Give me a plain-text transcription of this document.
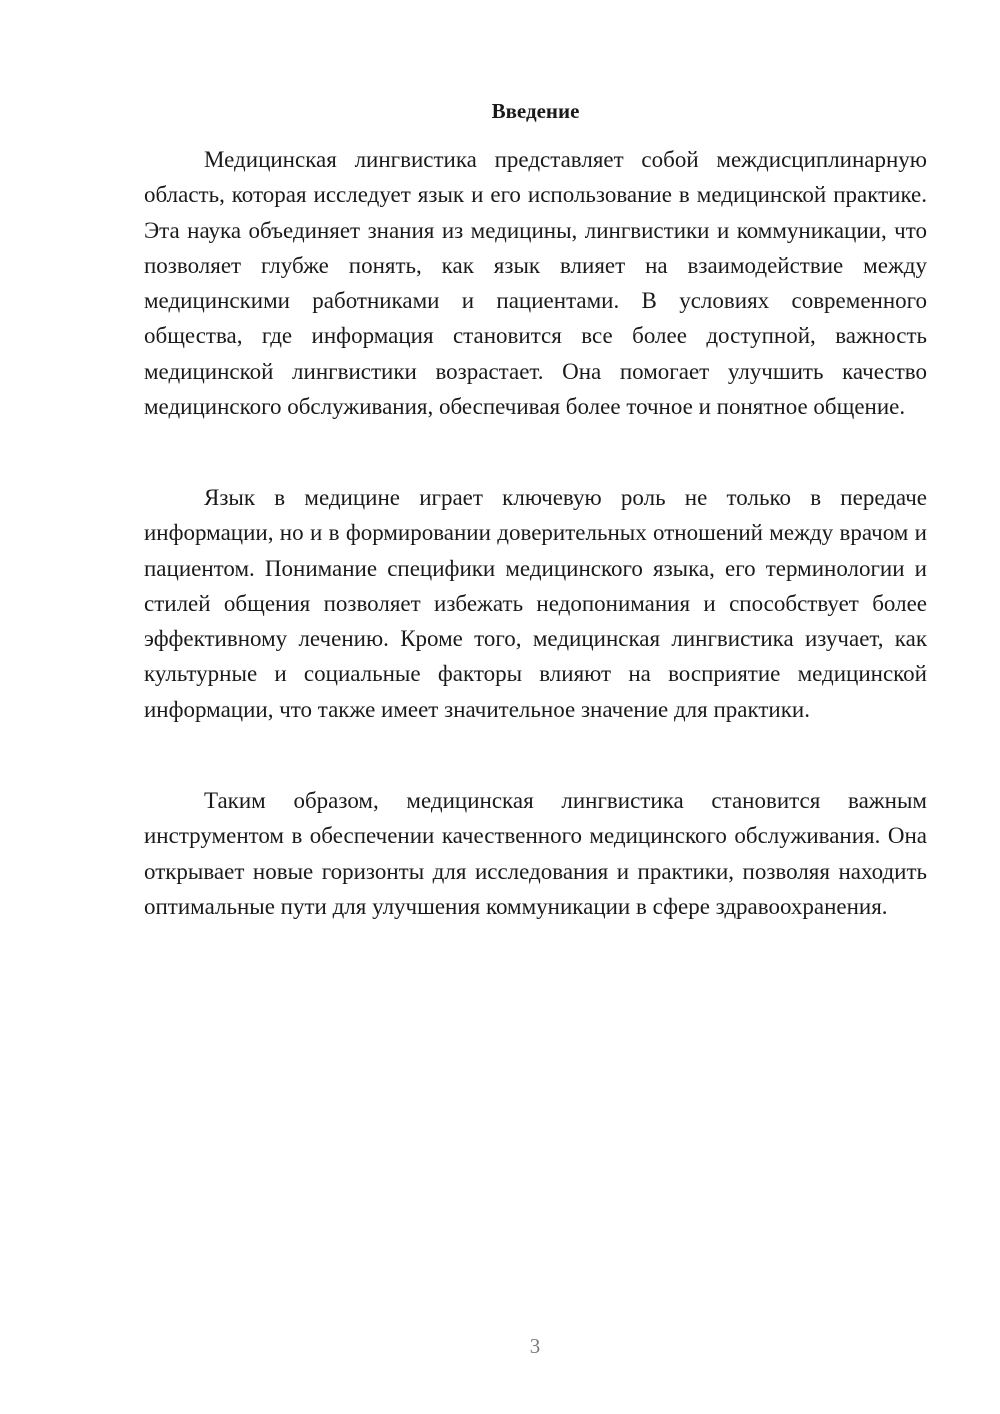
Введение

Медицинская лингвистика представляет собой междисциплинарную область, которая исследует язык и его использование в медицинской практике. Эта наука объединяет знания из медицины, лингвистики и коммуникации, что позволяет глубже понять, как язык влияет на взаимодействие между медицинскими работниками и пациентами. В условиях современного общества, где информация становится все более доступной, важность медицинской лингвистики возрастает. Она помогает улучшить качество медицинского обслуживания, обеспечивая более точное и понятное общение.

Язык в медицине играет ключевую роль не только в передаче информации, но и в формировании доверительных отношений между врачом и пациентом. Понимание специфики медицинского языка, его терминологии и стилей общения позволяет избежать недопонимания и способствует более эффективному лечению. Кроме того, медицинская лингвистика изучает, как культурные и социальные факторы влияют на восприятие медицинской информации, что также имеет значительное значение для практики.

Таким образом, медицинская лингвистика становится важным инструментом в обеспечении качественного медицинского обслуживания. Она открывает новые горизонты для исследования и практики, позволяя находить оптимальные пути для улучшения коммуникации в сфере здравоохранения.

3
